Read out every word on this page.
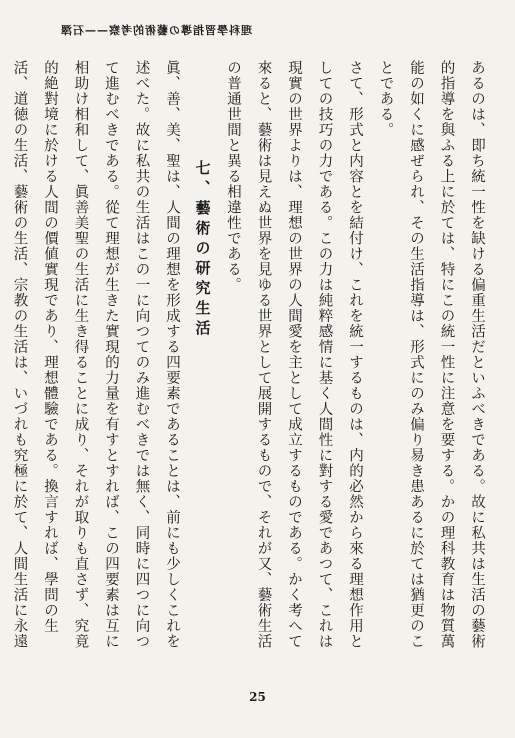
理科學習指導の藝術的考察——石澤

あるのは、即ち統一性を缺ける偏重生活だといふべきである。故に私共は生活の藝術的指導を與ふる上に於ては、特にこの統一性に注意を要する。かの理科教育は物質萬能の如くに感ぜられ、その生活指導は、形式にのみ偏り易き患あるに於ては猶更のことである。

さて、形式と内容とを結付け、これを統一するものは、内的必然から來る理想作用としての技巧の力である。この力は純粹感情に基く人間性に對する愛であつて、これは現實の世界よりは、理想の世界の人間愛を主として成立するものである。かく考へて來ると、藝術は見えぬ世界を見ゆる世界として展開するもので、それが又、藝術生活の普通世間と異る相違性である。

七、藝術の研究生活

眞、善、美、聖は、人間の理想を形成する四要素であることは、前にも少しくこれを述べた。故に私共の生活はこの一に向つてのみ進むべきでは無く、同時に四つに向つて進むべきである。從て理想が生きた實現的力量を有すとすれば、この四要素は互に相助け相和して、眞善美聖の生活に生き得ることに成り、それが取りも直さず、究竟的絶對境に於ける人間の價値實現であり、理想體驗である。換言すれば、學問の生活、道徳の生活、藝術の生活、宗教の生活は、いづれも究極に於て、人間生活に永遠

25
